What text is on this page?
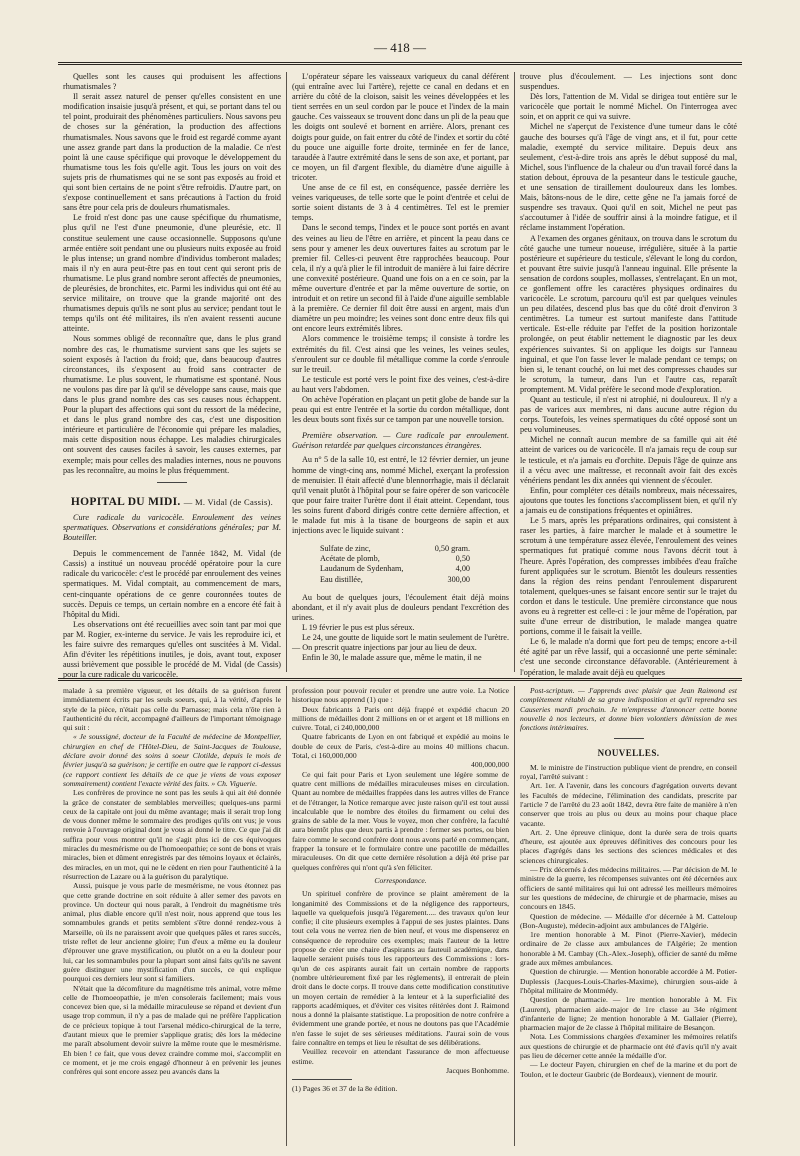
— 418 —

Quelles sont les causes qui produisent les affections rhumatismales ?

Il serait assez naturel de penser qu'elles consistent en une modification insaisie jusqu'à présent, et qui, se portant dans tel ou tel point, produirait des phénomènes particuliers. Nous savons peu de choses sur la génération, la production des affections rhumatismales. Nous savons que le froid est regardé comme ayant une assez grande part dans la production de la maladie. Ce n'est point là une cause spécifique qui provoque le développement du rhumatisme tous les fois qu'elle agit. Tous les jours on voit des sujets pris de rhumatismes qui ne se sont pas exposés au froid et qui sont bien certains de ne point s'être refroidis. D'autre part, on s'expose continuellement et sans précautions à l'action du froid sans être pour cela pris de douleurs rhumatismales.

Le froid n'est donc pas une cause spécifique du rhumatisme, plus qu'il ne l'est d'une pneumonie, d'une pleurésie, etc. Il constitue seulement une cause occasionnelle. Supposons qu'une armée entière soit pendant une ou plusieurs nuits exposée au froid le plus intense; un grand nombre d'individus tomberont malades; mais il n'y en aura peut-être pas en tout cent qui seront pris de rhumatisme. Le plus grand nombre seront affectés de pneumonies, de pleurésies, de bronchites, etc. Parmi les individus qui ont été au service militaire, on trouve que la grande majorité ont des rhumatismes depuis qu'ils ne sont plus au service; pendant tout le temps qu'ils ont été militaires, ils n'en avaient ressenti aucune atteinte.

Nous sommes obligé de reconnaître que, dans le plus grand nombre des cas, le rhumatisme survient sans que les sujets se soient exposés à l'action du froid; que, dans beaucoup d'autres circonstances, ils s'exposent au froid sans contracter de rhumatisme. Le plus souvent, le rhumatisme est spontané. Nous ne voulons pas dire par là qu'il se développe sans cause, mais que dans le plus grand nombre des cas ses causes nous échappent. Pour la plupart des affections qui sont du ressort de la médecine, et dans le plus grand nombre des cas, c'est une disposition intérieure et particulière de l'économie qui prépare les maladies, mais cette disposition nous échappe. Les maladies chirurgicales ont souvent des causes faciles à savoir, les causes externes, par exemple; mais pour celles des maladies internes, nous ne pouvons pas les reconnaître, au moins le plus fréquemment.

HOPITAL DU MIDI. — M. Vidal (de Cassis).

Cure radicale du varicocèle. Enroulement des veines spermatiques. Observations et considérations générales; par M. Bouteiller.

Depuis le commencement de l'année 1842, M. Vidal (de Cassis) a institué un nouveau procédé opératoire pour la cure radicale du varicocèle: c'est le procédé par enroulement des veines spermatiques. M. Vidal comptait, au commencement de mars, cent-cinquante opérations de ce genre couronnées toutes de succès. Depuis ce temps, un certain nombre en a encore été fait à l'hôpital du Midi.

Les observations ont été recueillies avec soin tant par moi que par M. Rogier, ex-interne du service. Je vais les reproduire ici, et les faire suivre des remarques qu'elles ont suscitées à M. Vidal. Afin d'éviter les répétitions inutiles, je dois, avant tout, exposer aussi brièvement que possible le procédé de M. Vidal (de Cassis) pour la cure radicale du varicocèle.

L'opérateur sépare les vaisseaux variqueux du canal déférent (qui entraîne avec lui l'artère), rejette ce canal en dedans et en arrière du côté de la cloison, saisit les veines développées et les tient serrées en un seul cordon par le pouce et l'index de la main gauche. Ces vaisseaux se trouvent donc dans un pli de la peau que les doigts ont soulevé et bornent en arrière. Alors, prenant ces doigts pour guide, on fait entrer du côté de l'index et sortir du côté du pouce une aiguille forte droite, terminée en fer de lance, taraudée à l'autre extrémité dans le sens de son axe, et portant, par ce moyen, un fil d'argent flexible, du diamètre d'une aiguille à tricoter.

Une anse de ce fil est, en conséquence, passée derrière les veines variqueuses, de telle sorte que le point d'entrée et celui de sortie soient distants de 3 à 4 centimètres. Tel est le premier temps.

Dans le second temps, l'index et le pouce sont portés en avant des veines au lieu de l'être en arrière, et pincent la peau dans ce sens pour y amener les deux ouvertures faites au scrotum par le premier fil. Celles-ci peuvent être rapprochées beaucoup. Pour cela, il n'y a qu'à plier le fil introduit de manière à lui faire décrire une convexité postérieure. Quand une fois on a en ce soin, par la même ouverture d'entrée et par la même ouverture de sortie, on introduit et on retire un second fil à l'aide d'une aiguille semblable à la première. Ce dernier fil doit être aussi en argent, mais d'un diamètre un peu moindre; les veines sont donc entre deux fils qui ont encore leurs extrémités libres.

Alors commence le troisième temps; il consiste à tordre les extrémités du fil. C'est ainsi que les veines, les veines seules, s'enroulent sur ce double fil métallique comme la corde s'enroule sur le treuil.

Le testicule est porté vers le point fixe des veines, c'est-à-dire au haut vers l'abdomen.

On achève l'opération en plaçant un petit globe de bande sur la peau qui est entre l'entrée et la sortie du cordon métallique, dont les deux bouts sont fixés sur ce tampon par une nouvelle torsion.

Première observation. — Cure radicale par enroulement. Guérison retardée par quelques circonstances étrangères.

Au n° 5 de la salle 10, est entré, le 12 février dernier, un jeune homme de vingt-cinq ans, nommé Michel, exerçant la profession de menuisier. Il était affecté d'une blennorrhagie, mais il déclarait qu'il venait plutôt à l'hôpital pour se faire opérer de son varicocèle que pour faire traiter l'urètre dont il était atteint. Cependant, tous les soins furent d'abord dirigés contre cette dernière affection, et le malade fut mis à la tisane de bourgeons de sapin et aux injections avec le liquide suivant :

Sulfate de zinc,	0,50 gram.
Acétate de plomb,	0,50
Laudanum de Sydenham,	4,00
Eau distillée,	300,00

Au bout de quelques jours, l'écoulement était déjà moins abondant, et il n'y avait plus de douleurs pendant l'excrétion des urines.

L 19 février le pus est plus séreux.

Le 24, une goutte de liquide sort le matin seulement de l'urètre. — On prescrit quatre injections par jour au lieu de deux.

Enfin le 30, le malade assure que, même le matin, il ne

trouve plus d'écoulement. — Les injections sont donc suspendues.

Dès lors, l'attention de M. Vidal se dirigea tout entière sur le varicocèle que portait le nommé Michel. On l'interrogea avec soin, et on apprit ce qui va suivre.

Michel ne s'aperçut de l'existence d'une tumeur dans le côté gauche des bourses qu'à l'âge de vingt ans, et il fut, pour cette maladie, exempté du service militaire. Depuis deux ans seulement, c'est-à-dire trois ans après le début supposé du mal, Michel, sous l'influence de la chaleur ou d'un travail forcé dans la station debout, éprouva de la pesanteur dans le testicule gauche, et une sensation de tiraillement douloureux dans les lombes. Mais, bâtons-nous de le dire, cette gêne ne l'a jamais forcé de suspendre ses travaux. Quoi qu'il en soit, Michel ne peut pas s'accoutumer à l'idée de souffrir ainsi à la moindre fatigue, et il réclame instamment l'opération.

A l'examen des organes génitaux, on trouva dans le scrotum du côté gauche une tumeur noueuse, irrégulière, située à la partie postérieure et supérieure du testicule, s'élevant le long du cordon, et pouvant être suivie jusqu'à l'anneau inguinal. Elle présente la sensation de cordons souples, mollasses, s'entrelaçant. En un mot, ce gonflement offre les caractères physiques ordinaires du varicocèle. Le scrotum, parcouru qu'il est par quelques veinules un peu dilatées, descend plus bas que du côté droit d'environ 3 centimètres. La tumeur est surtout manifeste dans l'attitude verticale. Est-elle réduite par l'effet de la position horizontale prolongée, on peut établir nettement le diagnostic par les deux expériences suivantes. Si on applique les doigts sur l'anneau inguinal, et que l'on fasse lever le malade pendant ce temps; on bien si, le tenant couché, on lui met des compresses chaudes sur le scrotum, la tumeur, dans l'un et l'autre cas, reparaît promptement. M. Vidal préfère le second mode d'exploration.

Quant au testicule, il n'est ni atrophié, ni douloureux. Il n'y a pas de varices aux membres, ni dans aucune autre région du corps. Toutefois, les veines spermatiques du côté opposé sont un peu volumineuses.

Michel ne connaît aucun membre de sa famille qui ait été atteint de varices ou de varicocèle. Il n'a jamais reçu de coup sur le testicule, et n'a jamais eu d'orchite. Depuis l'âge de quinze ans il a vécu avec une maîtresse, et reconnaît avoir fait des excès vénériens pendant les dix années qui viennent de s'écouler.

Enfin, pour compléter ces détails nombreux, mais nécessaires, ajoutons que toutes les fonctions s'accomplissent bien, et qu'il n'y a jamais eu de constipations fréquentes et opiniâtres.

Le 5 mars, après les préparations ordinaires, qui consistent à raser les parties, à faire marcher le malade et à soumettre le scrotum à une température assez élevée, l'enroulement des veines spermatiques fut pratiqué comme nous l'avons décrit tout à l'heure. Après l'opération, des compresses imbibées d'eau fraîche furent appliquées sur le scrotum. Bientôt les douleurs ressenties dans la région des reins pendant l'enroulement disparurent totalement, quelques-unes se faisant encore sentir sur le trajet du cordon et dans le testicule. Une première circonstance que nous avons eu à regretter est celle-ci : le jour même de l'opération, par suite d'une erreur de distribution, le malade mangea quatre portions, comme il le faisait la veille.

Le 6, le malade n'a dormi que fort peu de temps; encore a-t-il été agité par un rêve lassif, qui a occasionné une perte séminale: c'est une seconde circonstance défavorable. (Antérieurement à l'opération, le malade avait déjà eu quelques

malade à sa première vigueur, et les détails de sa guérison furent immédiatement écrits par les seuls soeurs, qui, à la vérité, d'après le style de la pièce, n'était pas celle du Parnasse; mais cela n'ôte rien à l'authenticité du récit, accompagné d'ailleurs de l'important témoignage qui suit :

« Je soussigné, docteur de la Faculté de médecine de Montpellier, chirurgien en chef de l'Hôtel-Dieu, de Saint-Jacques de Toulouse, déclare avoir donné des soins à soeur Clotilde, depuis le mois de février jusqu'à sa guérison; je certifie en outre que le rapport ci-dessus (ce rapport contient les détails de ce que je viens de vous exposer sommairement) contient l'exacte vérité des faits. » Ch. Viguerie.

Les confrères de province ne sont pas les seuls à qui ait été donnée la grâce de constater de semblables merveilles; quelques-uns parmi ceux de la capitale ont joui du même avantage; mais il serait trop long de vous donner même le sommaire des prodiges qu'ils ont vus; je vous renvoie à l'ouvrage original dont je vous ai donné le titre. Ce que j'ai dit suffira pour vous montrer qu'il ne s'agit plus ici de ces équivoques miracles du mesmérisme ou de l'homoeopathie; ce sont de bons et vrais miracles, bien et dûment enregistrés par des témoins loyaux et éclairés, des miracles, en un mot, qui ne le cèdent en rien pour l'authenticité à la résurrection de Lazare ou à la guérison du paralytique.

Aussi, puisque je vous parle de mesmérisme, ne vous étonnez pas que cette grande doctrine en soit réduite à aller semer des pavots en province. Un docteur qui nous paraît, à l'endroit du magnétisme très animal, plus diable encore qu'il n'est noir, nous apprend que tous les somnambules grands et petits semblent s'être donné rendez-vous à Marseille, où ils ne paraissent avoir que quelques pâles et rares succès, triste reflet de leur ancienne gloire; l'un d'eux a même eu la douleur d'éprouver une grave mystification, ou plutôt on a eu la douleur pour lui, car les somnambules pour la plupart sont ainsi faits qu'ils ne savent guère distinguer une mystification d'un succès, ce qui explique pourquoi ces derniers leur sont si familiers.

N'était que la décomfiture du magnétisme très animal, votre même celle de l'homoeopathie, je m'en consolerais facilement; mais vous concevez bien que, si la médaille miraculeuse se répand et devient d'un usage trop commun, il n'y a pas de malade qui ne préfère l'application de ce précieux topique à tout l'arsenal médico-chirurgical de la terre, d'autant mieux que le premier s'applique gratis; dès lors la médecine me paraît absolument devoir suivre la même route que le mesmérisme. Eh bien ! ce fait, que vous devez craindre comme moi, s'accomplit en ce moment, et je me crois engagé d'honneur à en prévenir les jeunes confrères qui sont encore assez peu avancés dans la

profession pour pouvoir reculer et prendre une autre voie. La Notice historique nous apprend (1) que :

Deux fabricants à Paris ont déjà frappé et expédié chacun 20 millions de médailles dont 2 millions en or et argent et 18 millions en cuivre. Total, ci 240,000,000

Quatre fabricants de Lyon en ont fabriqué et expédié au moins le double de ceux de Paris, c'est-à-dire au moins 40 millions chacun. Total, ci 160,000,000

400,000,000

Ce qui fait pour Paris et Lyon seulement une légère somme de quatre cent millions de médailles miraculeuses mises en circulation. Quant au nombre de médailles frappées dans les autres villes de France et de l'étranger, la Notice remarque avec juste raison qu'il est tout aussi incalculable que le nombre des étoiles du firmament ou celui des grains de sable de la mer. Vous le voyez, mon cher confrère, la faculté aura bientôt plus que deux partis à prendre : fermer ses portes, ou bien faire comme le second confrère dont nous avons parlé en commençant, frapper la tonsure et le formulaire contre une pacotille de médailles miraculeuses. On dit que cette dernière résolution a déjà été prise par quelques confrères qui n'ont qu'à s'en féliciter.

Correspondance.

Un spirituel confrère de province se plaint amèrement de la longanimité des Commissions et de la négligence des rapporteurs, laquelle va quelquefois jusqu'à l'égarement..... des travaux qu'on leur confie; il cite plusieurs exemples à l'appui de ses justes plaintes. Dans tout cela vous ne verrez rien de bien neuf, et vous me dispenserez en conséquence de reproduire ces exemples; mais l'auteur de la lettre propose de créer une chaire d'aspirants au fauteuil académique, dans laquelle seraient puisés tous les rapporteurs des Commissions : lors-qu'un de ces aspirants aurait fait un certain nombre de rapports (nombre ultérieurement fixé par les règlements), il entrerait de plein droit dans le docte corps. Il trouve dans cette modification constitutive un moyen certain de remédier à la lenteur et à la superficialité des rapports académiques, et d'éviter ces visites réitérées dont J. Raimond nous a donné la plaisante statistique. La proposition de notre confrère a évidemment une grande portée, et nous ne doutons pas que l'Académie n'en fasse le sujet de ses sérieuses méditations. J'aurai soin de vous faire connaître en temps et lieu le résultat de ses délibérations.

Veuillez recevoir en attendant l'assurance de mon affectueuse estime.

Jacques Bonhomme.
(1) Pages 36 et 37 de la 8e édition.

Post-scriptum. — J'apprends avec plaisir que Jean Raimond est complètement rétabli de sa grave indisposition et qu'il reprendra ses Causeries mardi prochain. Je m'empresse d'annoncer cette bonne nouvelle à nos lecteurs, et donne bien volontiers démission de mes fonctions intérimaires.

NOUVELLES.

M. le ministre de l'instruction publique vient de prendre, en conseil royal, l'arrêté suivant :

Art. 1er. A l'avenir, dans les concours d'agrégation ouverts devant les Facultés de médecine, l'élimination des candidats, prescrite par l'article 7 de l'arrêté du 23 août 1842, devra être faite de manière à n'en conserver que trois au plus ou deux au moins pour chaque place vacante.

Art. 2. Une épreuve clinique, dont la durée sera de trois quarts d'heure, est ajoutée aux épreuves définitives des concours pour les places d'agrégés dans les sections des sciences médicales et des sciences chirurgicales.

— Prix décernés à des médecins militaires. — Par décision de M. le ministre de la guerre, les récompenses suivantes ont été décernées aux officiers de santé militaires qui lui ont adressé les meilleurs mémoires sur les questions de médecine, de chirurgie et de pharmacie, mises au concours en 1845.

Question de médecine. — Médaille d'or décernée à M. Catteloup (Bon-Auguste), médecin-adjoint aux ambulances de l'Algérie.

1re mention honorable à M. Pinot (Pierre-Xavier), médecin ordinaire de 2e classe aux ambulances de l'Algérie; 2e mention honorable à M. Cambay (Ch.-Alex.-Joseph), officier de santé du même grade aux mêmes ambulances.

Question de chirurgie. — Mention honorable accordée à M. Potier-Duplessis (Jacques-Louis-Charles-Maxime), chirurgien sous-aide à l'hôpital militaire de Montmédy.

Question de pharmacie. — 1re mention honorable à M. Fix (Laurent), pharmacien aide-major de 1re classe au 34e régiment d'infanterie de ligne; 2e mention honorable à M. Gallaier (Pierre), pharmacien major de 2e classe à l'hôpital militaire de Besançon.

Nota. Les Commissions chargées d'examiner les mémoires relatifs aux questions de chirurgie et de pharmacie ont été d'avis qu'il n'y avait pas lieu de décerner cette année la médaille d'or.

— Le docteur Payen, chirurgien en chef de la marine et du port de Toulon, et le docteur Gaubric (de Bordeaux), viennent de mourir.
